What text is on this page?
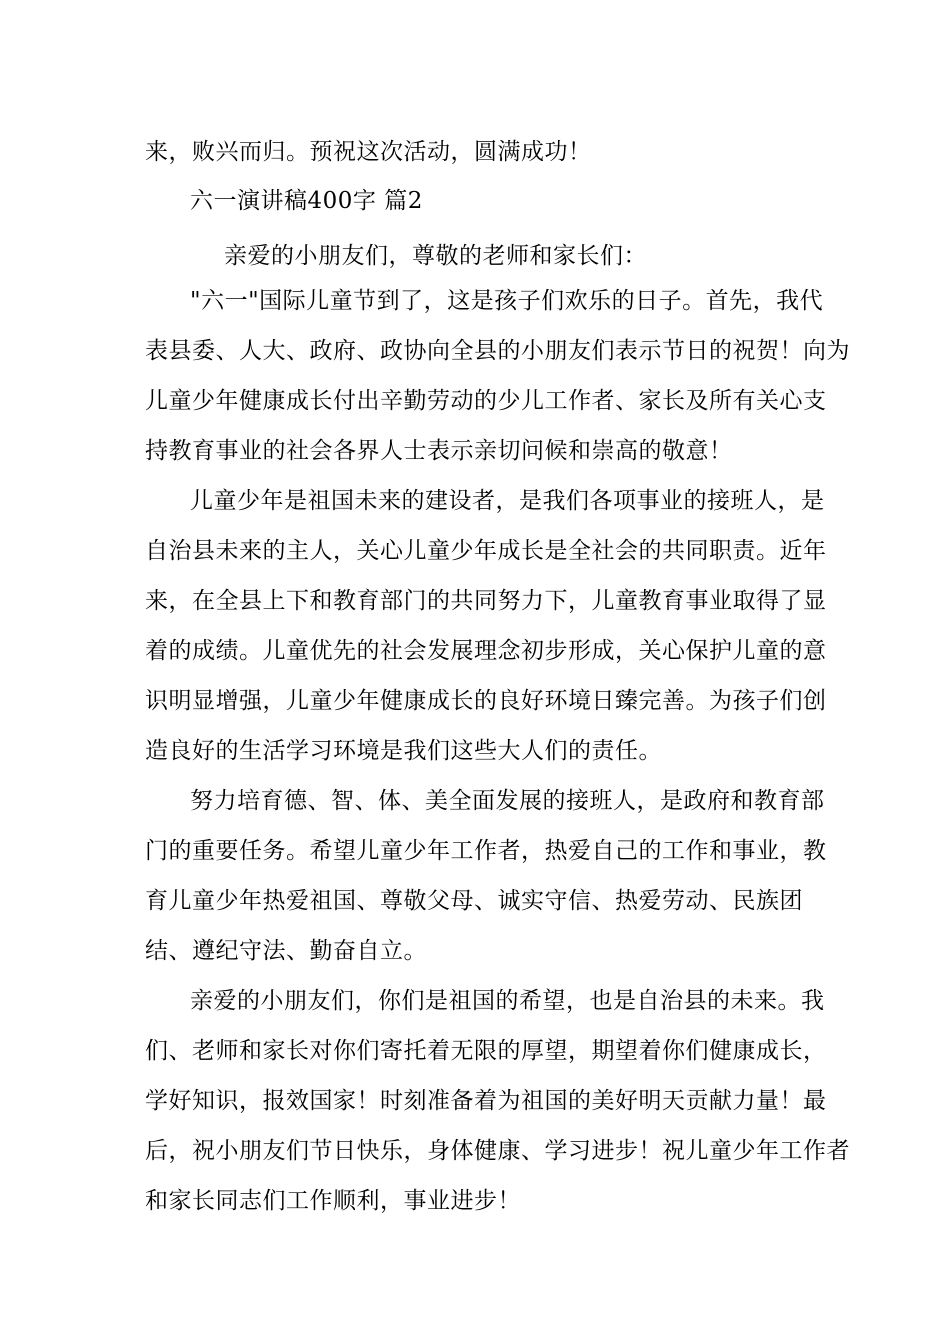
来，败兴而归。预祝这次活动，圆满成功！
六一演讲稿400字 篇2
亲爱的小朋友们，尊敬的老师和家长们：
"六一"国际儿童节到了，这是孩子们欢乐的日子。首先，我代
表县委、人大、政府、政协向全县的小朋友们表示节日的祝贺！向为
儿童少年健康成长付出辛勤劳动的少儿工作者、家长及所有关心支
持教育事业的社会各界人士表示亲切问候和崇高的敬意！
儿童少年是祖国未来的建设者，是我们各项事业的接班人，是
自治县未来的主人，关心儿童少年成长是全社会的共同职责。近年
来，在全县上下和教育部门的共同努力下，儿童教育事业取得了显
着的成绩。儿童优先的社会发展理念初步形成，关心保护儿童的意
识明显增强，儿童少年健康成长的良好环境日臻完善。为孩子们创
造良好的生活学习环境是我们这些大人们的责任。
努力培育德、智、体、美全面发展的接班人，是政府和教育部
门的重要任务。希望儿童少年工作者，热爱自己的工作和事业，教
育儿童少年热爱祖国、尊敬父母、诚实守信、热爱劳动、民族团
结、遵纪守法、勤奋自立。
亲爱的小朋友们，你们是祖国的希望，也是自治县的未来。我
们、老师和家长对你们寄托着无限的厚望，期望着你们健康成长，
学好知识，报效国家！时刻准备着为祖国的美好明天贡献力量！最
后，祝小朋友们节日快乐，身体健康、学习进步！祝儿童少年工作者
和家长同志们工作顺利，事业进步！
